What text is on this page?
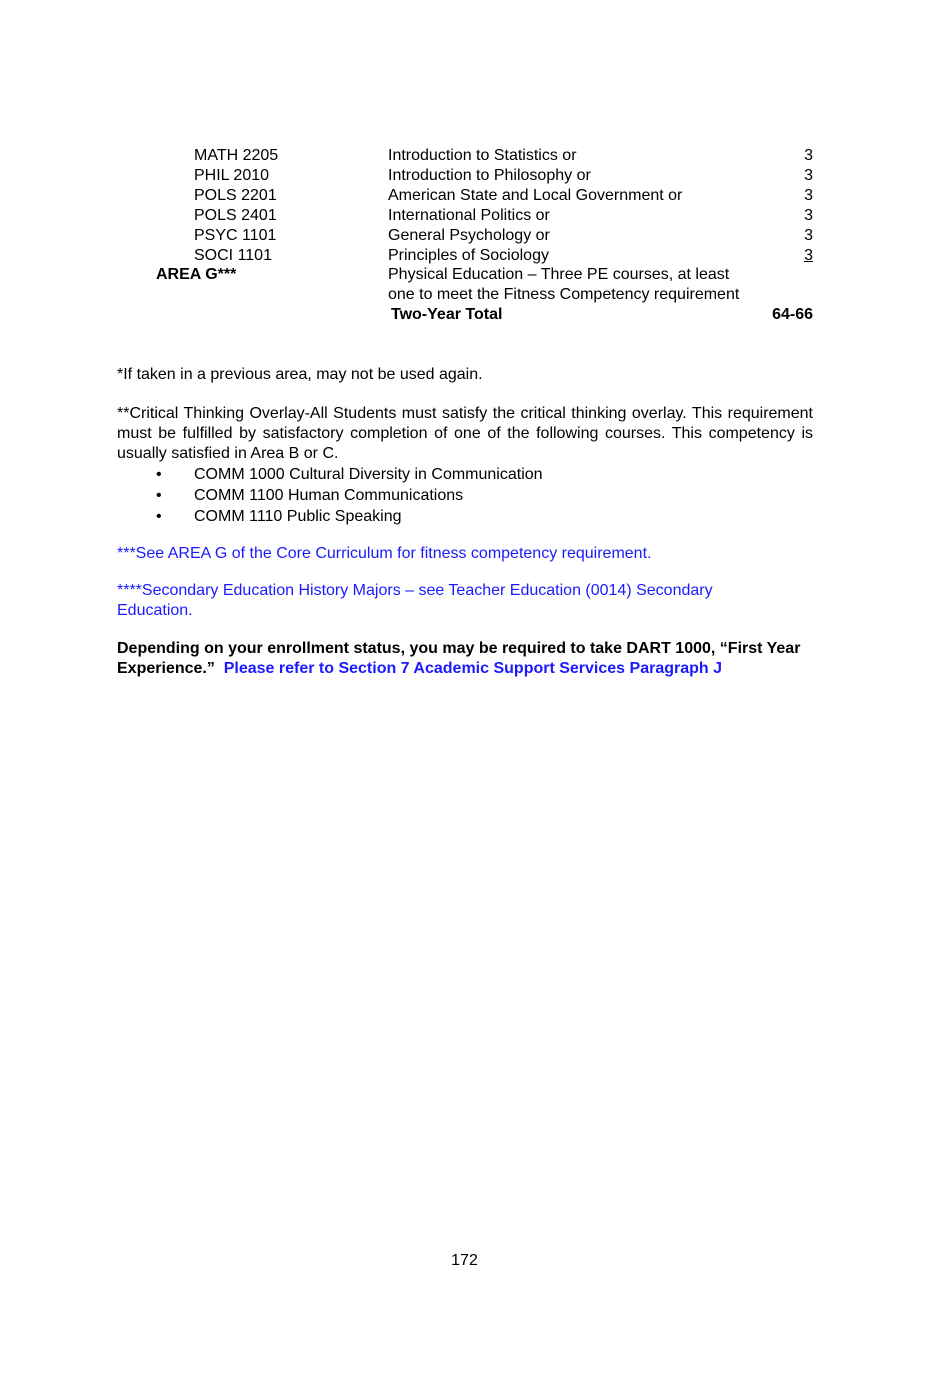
MATH 2205	Introduction to Statistics or	3
PHIL 2010	Introduction to Philosophy or	3
POLS 2201	American State and Local Government or	3
POLS 2401	International Politics or	3
PSYC 1101	General Psychology or	3
SOCI 1101	Principles of Sociology	3
AREA G***	Physical Education – Three PE courses, at least
one to meet the Fitness Competency requirement
Two-Year Total	64-66
*If taken in a previous area, may not be used again.
**Critical Thinking Overlay-All Students must satisfy the critical thinking overlay. This requirement must be fulfilled by satisfactory completion of one of the following courses. This competency is usually satisfied in Area B or C.
• COMM 1000 Cultural Diversity in Communication
• COMM 1100 Human Communications
• COMM 1110 Public Speaking
***See AREA G of the Core Curriculum for fitness competency requirement.
****Secondary Education History Majors – see Teacher Education (0014) Secondary Education.
Depending on your enrollment status, you may be required to take DART 1000, “First Year Experience.” Please refer to Section 7 Academic Support Services Paragraph J
172
